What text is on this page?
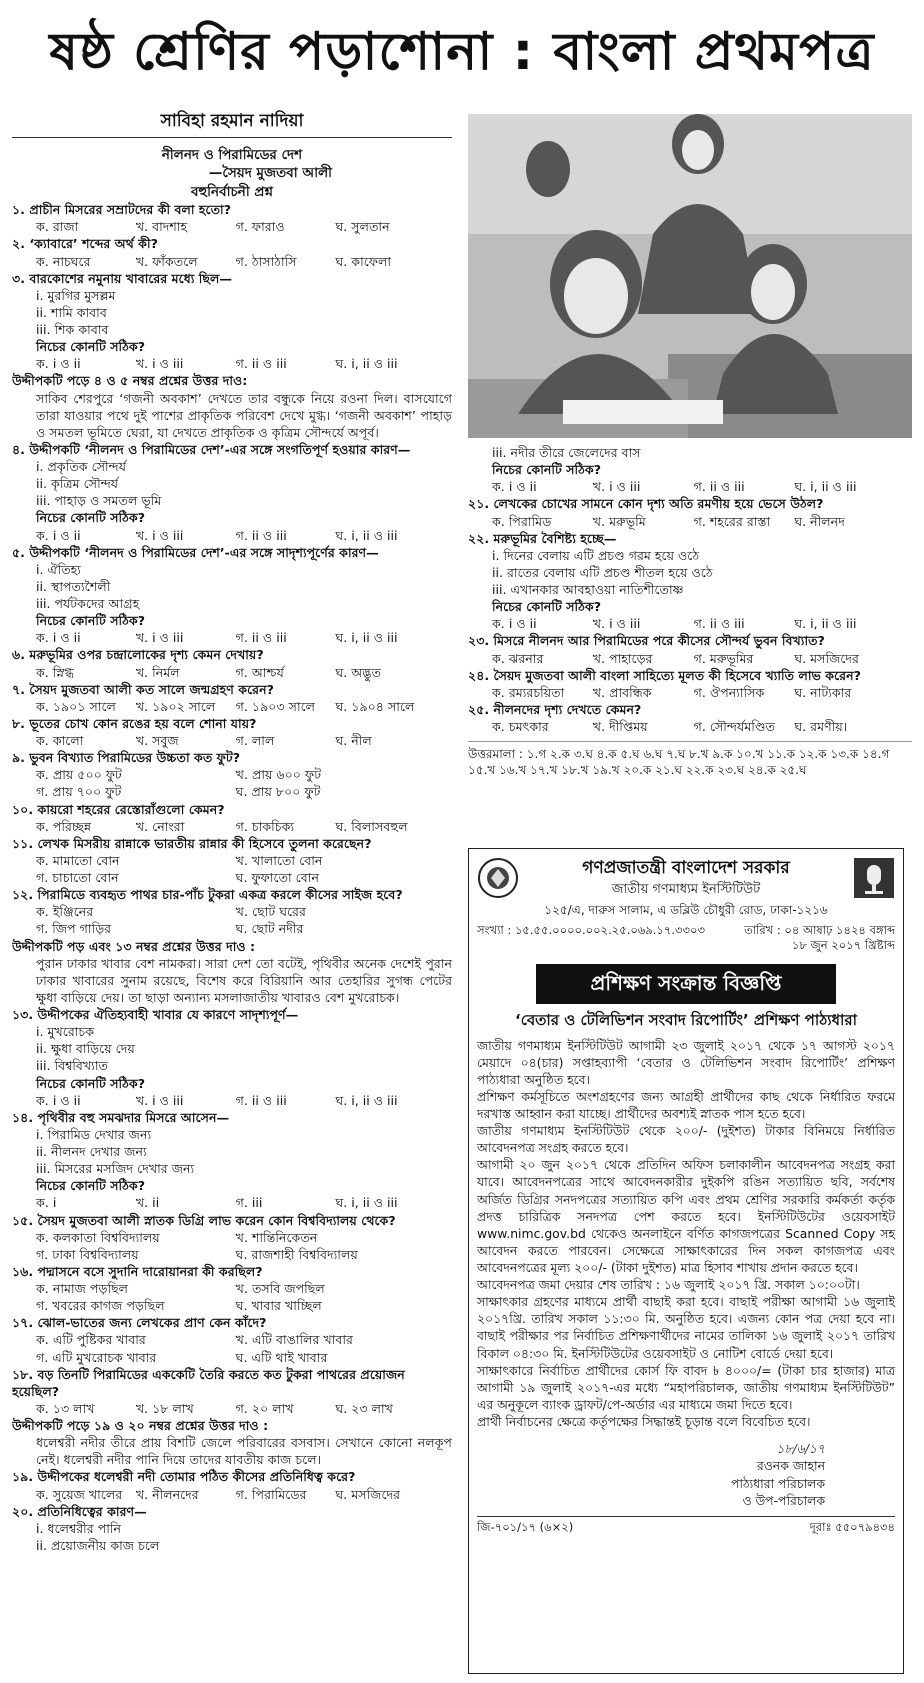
ষষ্ঠ শ্রেণির পড়াশোনা : বাংলা প্রথমপত্র
সাবিহা রহমান নাদিয়া
নীলনদ ও পিরামিডের দেশ
—সৈয়দ মুজতবা আলী
বহুনির্বাচনী প্রশ্ন
১. প্রাচীন মিসরের সম্রাটদের কী বলা হতো?
ক. রাজা	খ. বাদশাহ	গ. ফারাও	ঘ. সুলতান
২. ‘ক্যাবারে’ শব্দের অর্থ কী?
ক. নাচঘরে	খ. ফাঁকতলে	গ. ঠাসাঠাসি	ঘ. কাফেলা
৩. বারকোশের নমুনায় খাবারের মধ্যে ছিল—
i. মুরগির মুসল্লম
ii. শামি কাবাব
iii. শিক কাবাব
নিচের কোনটি সঠিক?
ক. i ও ii	খ. i ও iii	গ. ii ও iii	ঘ. i, ii ও iii
উদ্দীপকটি পড়ে ৪ ও ৫ নম্বর প্রশ্নের উত্তর দাও:
সাকিব শেরপুরে ‘গজনী অবকাশ’ দেখতে তার বন্ধুকে নিয়ে রওনা দিল। বাসযোগে তারা যাওয়ার পথে দুই পাশের প্রাকৃতিক পরিবেশ দেখে মুগ্ধ। ‘গজনী অবকাশ’ পাহাড় ও সমতল ভূমিতে ঘেরা, যা দেখতে প্রাকৃতিক ও কৃত্রিম সৌন্দর্যে অপূর্ব।
৪. উদ্দীপকটি ‘নীলনদ ও পিরামিডের দেশ’-এর সঙ্গে সংগতিপূর্ণ হওয়ার কারণ—
i. প্রকৃতিক সৌন্দর্য
ii. কৃত্রিম সৌন্দর্য
iii. পাহাড় ও সমতল ভূমি
নিচের কোনটি সঠিক?
ক. i ও ii	খ. i ও iii	গ. ii ও iii	ঘ. i, ii ও iii
৫. উদ্দীপকটি ‘নীলনদ ও পিরামিডের দেশ’-এর সঙ্গে সাদৃশ্যপূর্ণের কারণ—
i. ঐতিহ্য
ii. স্থাপত্যশৈলী
iii. পর্যটকদের আগ্রহ
নিচের কোনটি সঠিক?
ক. i ও ii	খ. i ও iii	গ. ii ও iii	ঘ. i, ii ও iii
৬. মরুভূমির ওপর চন্দ্রালোকের দৃশ্য কেমন দেখায়?
ক. স্নিগ্ধ	খ. নির্মল	গ. আশ্চর্য	ঘ. অদ্ভুত
৭. সৈয়দ মুজতবা আলী কত সালে জন্মগ্রহণ করেন?
ক. ১৯০১ সালে	খ. ১৯০২ সালে	গ. ১৯০৩ সালে	ঘ. ১৯০৪ সালে
৮. ভূতের চোখ কোন রঙের হয় বলে শোনা যায়?
ক. কালো	খ. সবুজ	গ. লাল	ঘ. নীল
৯. ভুবন বিখ্যাত পিরামিডের উচ্চতা কত ফুট?
ক. প্রায় ৫০০ ফুট	খ. প্রায় ৬০০ ফুট
গ. প্রায় ৭০০ ফুট	ঘ. প্রায় ৮০০ ফুট
১০. কায়রো শহরের রেস্তোরাঁগুলো কেমন?
ক. পরিচ্ছন্ন	খ. নোংরা	গ. চাকচিক্য	ঘ. বিলাসবহুল
১১. লেখক মিসরীয় রান্নাকে ভারতীয় রান্নার কী হিসেবে তুলনা করেছেন?
ক. মামাতো বোন	খ. খালাতো বোন
গ. চাচাতো বোন	ঘ. ফুফাতো বোন
১২. পিরামিডে ব্যবহৃত পাথর চার-পাঁচ টুকরা একত্র করলে কীসের সাইজ হবে?
ক. ইঞ্জিনের	খ. ছোট ঘরের
গ. জিপ গাড়ির	ঘ. ছোট নদীর
উদ্দীপকটি পড় এবং ১৩ নম্বর প্রশ্নের উত্তর দাও :
পুরান ঢাকার খাবার বেশ নামকরা। সারা দেশ তো বটেই, পৃথিবীর অনেক দেশেই পুরান ঢাকার খাবারের সুনাম রয়েছে, বিশেষ করে বিরিয়ানি আর তেহারির সুগন্ধ পেটের ক্ষুধা বাড়িয়ে দেয়। তা ছাড়া অন্যান্য মসলাজাতীয় খাবারও বেশ মুখরোচক।
১৩. উদ্দীপকের ঐতিহ্যবাহী খাবার যে কারণে সাদৃশ্যপূর্ণ—
i. মুখরোচক
ii. ক্ষুধা বাড়িয়ে দেয়
iii. বিশ্ববিখ্যাত
নিচের কোনটি সঠিক?
ক. i ও ii	খ. i ও iii	গ. ii ও iii	ঘ. i, ii ও iii
১৪. পৃথিবীর বহু সমঝদার মিসরে আসেন—
i. পিরামিড দেখার জন্য
ii. নীলনদ দেখার জন্য
iii. মিসরের মসজিদ দেখার জন্য
নিচের কোনটি সঠিক?
ক. i	খ. ii	গ. iii	ঘ. i, ii ও iii
১৫. সৈয়দ মুজতবা আলী স্নাতক ডিগ্রি লাভ করেন কোন বিশ্ববিদ্যালয় থেকে?
ক. কলকাতা বিশ্ববিদ্যালয়	খ. শান্তিনিকেতন
গ. ঢাকা বিশ্ববিদ্যালয়	ঘ. রাজশাহী বিশ্ববিদ্যালয়
১৬. পদ্মাসনে বসে সুদানি দারোয়ানরা কী করছিল?
ক. নামাজ পড়ছিল	খ. তসবি জপছিল
গ. খবরের কাগজ পড়ছিল	ঘ. খাবার খাচ্ছিল
১৭. ঝোল-ভাতের জন্য লেখকের প্রাণ কেন কাঁদে?
ক. এটি পুষ্টিকর খাবার	খ. এটি বাঙালির খাবার
গ. এটি মুখরোচক খাবার	ঘ. এটি থাই খাবার
১৮. বড় তিনটি পিরামিডের এককেটি তৈরি করতে কত টুকরা পাথরের প্রয়োজন হয়েছিল?
ক. ১৩ লাখ	খ. ১৮ লাখ	গ. ২০ লাখ	ঘ. ২৩ লাখ
উদ্দীপকটি পড়ে ১৯ ও ২০ নম্বর প্রশ্নের উত্তর দাও :
ধলেশ্বরী নদীর তীরে প্রায় বিশটি জেলে পরিবারের বসবাস। সেখানে কোনো নলকূপ নেই। ধলেশ্বরী নদীর পানি দিয়ে তাদের যাবতীয় কাজ চলে।
১৯. উদ্দীপকের ধলেশ্বরী নদী তোমার পঠিত কীসের প্রতিনিধিত্ব করে?
ক. সুয়েজ খালের	খ. নীলনদের	গ. পিরামিডের	ঘ. মসজিদের
২০. প্রতিনিধিত্বের কারণ—
i. ধলেশ্বরীর পানি
ii. প্রয়োজনীয় কাজ চলে
iii. নদীর তীরে জেলেদের বাস
নিচের কোনটি সঠিক?
ক. i ও ii	খ. i ও iii	গ. ii ও iii	ঘ. i, ii ও iii
২১. লেখকের চোখের সামনে কোন দৃশ্য অতি রমণীয় হয়ে ভেসে উঠল?
ক. পিরামিড	খ. মরুভূমি	গ. শহরের রাস্তা	ঘ. নীলনদ
২২. মরুভূমির বৈশিষ্ট্য হচ্ছে—
i. দিনের বেলায় এটি প্রচণ্ড গরম হয়ে ওঠে
ii. রাতের বেলায় এটি প্রচণ্ড শীতল হয়ে ওঠে
iii. এখানকার আবহাওয়া নাতিশীতোষ্ণ
নিচের কোনটি সঠিক?
ক. i ও ii	খ. i ও iii	গ. ii ও iii	ঘ. i, ii ও iii
২৩. মিসরে নীলনদ আর পিরামিডের পরে কীসের সৌন্দর্য ভুবন বিখ্যাত?
ক. ঝরনার	খ. পাহাড়ের	গ. মরুভূমির	ঘ. মসজিদের
২৪. সৈয়দ মুজতবা আলী বাংলা সাহিত্যে মূলত কী হিসেবে খ্যাতি লাভ করেন?
ক. রম্যরচয়িতা	খ. প্রাবন্ধিক	গ. ঔপন্যাসিক	ঘ. নাট্যকার
২৫. নীলনদের দৃশ্য দেখতে কেমন?
ক. চমৎকার	খ. দীপ্তিময়	গ. সৌন্দর্যমণ্ডিত	ঘ. রমণীয়।
উত্তরমালা : ১.গ ২.ক ৩.ঘ ৪.ক ৫.ঘ ৬.ঘ ৭.ঘ ৮.খ ৯.ক ১০.খ ১১.ক ১২.ক ১৩.ক ১৪.গ ১৫.খ ১৬.খ ১৭.খ ১৮.খ ১৯.খ ২০.ক ২১.ঘ ২২.ক ২৩.ঘ ২৪.ক ২৫.ঘ
গণপ্রজাতন্ত্রী বাংলাদেশ সরকার
জাতীয় গণমাধ্যম ইনস্টিটিউট
১২৫/এ, দারুস সালাম, এ ডব্লিউ চৌধুরী রোড, ঢাকা-১২১৬
সংখ্যা : ১৫.৫৫.০০০০.০০২.২৫.০৬৯.১৭.৩৩০৩	তারিখ : ০৪ আষাঢ় ১৪২৪ বঙ্গাব্দ
১৮ জুন ২০১৭ খ্রিষ্টাব্দ
প্রশিক্ষণ সংক্রান্ত বিজ্ঞপ্তি
‘বেতার ও টেলিভিশন সংবাদ রিপোর্টিং’ প্রশিক্ষণ পাঠ্যধারা
জাতীয় গণমাধ্যম ইনস্টিটিউট আগামী ২৩ জুলাই ২০১৭ থেকে ১৭ আগস্ট ২০১৭ মেয়াদে ০৪(চার) সপ্তাহব্যাপী ‘বেতার ও টেলিভিশন সংবাদ রিপোর্টিং’ প্রশিক্ষণ পাঠ্যধারা অনুষ্ঠিত হবে।
প্রশিক্ষণ কর্মসূচিতে অংশগ্রহণের জন্য আগ্রহী প্রার্থীদের কাছ থেকে নির্ধারিত ফরমে দরখাস্ত আহ্বান করা যাচ্ছে। প্রার্থীদের অবশ্যই স্নাতক পাস হতে হবে।
জাতীয় গণমাধ্যম ইনস্টিটিউট থেকে ২০০/- (দুইশত) টাকার বিনিময়ে নির্ধারিত আবেদনপত্র সংগ্রহ করতে হবে।
আগামী ২০ জুন ২০১৭ থেকে প্রতিদিন অফিস চলাকালীন আবেদনপত্র সংগ্রহ করা যাবে। আবেদনপত্রের সাথে আবেদনকারীর দুইকপি রঙিন সত্যায়িত ছবি, সর্বশেষ অর্জিত ডিগ্রির সনদপত্রের সত্যায়িত কপি এবং প্রথম শ্রেণির সরকারি কর্মকর্তা কর্তৃক প্রদত্ত চারিত্রিক সনদপত্র পেশ করতে হবে। ইনস্টিটিউটের ওয়েবসাইট www.nimc.gov.bd থেকেও অনলাইনে বর্ণিত কাগজপত্রের Scanned Copy সহ আবেদন করতে পারবেন। সেক্ষেত্রে সাক্ষাৎকারের দিন সকল কাগজপত্র এবং আবেদনপত্রের মূল্য ২০০/- (টাকা দুইশত) মাত্র হিসাব শাখায় প্রদান করতে হবে।
আবেদনপত্র জমা দেয়ার শেষ তারিখ : ১৬ জুলাই ২০১৭ খ্রি. সকাল ১০:০০টা।
সাক্ষাৎকার গ্রহণের মাধ্যমে প্রার্থী বাছাই করা হবে। বাছাই পরীক্ষা আগামী ১৬ জুলাই ২০১৭খ্রি. তারিখ সকাল ১১:৩০ মি. অনুষ্ঠিত হবে। এজন্য কোন পত্র দেয়া হবে না। বাছাই পরীক্ষার পর নির্বাচিত প্রশিক্ষণার্থীদের নামের তালিকা ১৬ জুলাই ২০১৭ তারিখ বিকাল ০৪:৩০ মি. ইনস্টিটিউটের ওয়েবসাইট ও নোটিশ বোর্ডে দেয়া হবে।
সাক্ষাৎকারে নির্বাচিত প্রার্থীদের কোর্স ফি বাবদ ৳ ৪০০০/= (টাকা চার হাজার) মাত্র আগামী ১৯ জুলাই ২০১৭-এর মধ্যে “মহাপরিচালক, জাতীয় গণমাধ্যম ইনস্টিটিউট” এর অনুকূলে ব্যাংক ড্রাফট/পে-অর্ডার এর মাধ্যমে জমা দিতে হবে।
প্রার্থী নির্বাচনের ক্ষেত্রে কর্তৃপক্ষের সিদ্ধান্তই চূড়ান্ত বলে বিবেচিত হবে।
১৮/৬/১৭
রওনক জাহান
পাঠ্যধারা পরিচালক
ও উপ-পরিচালক
জি-৭০১/১৭ (৬×২)	দূরাঃ ৫৫০৭৯৪৩৪
